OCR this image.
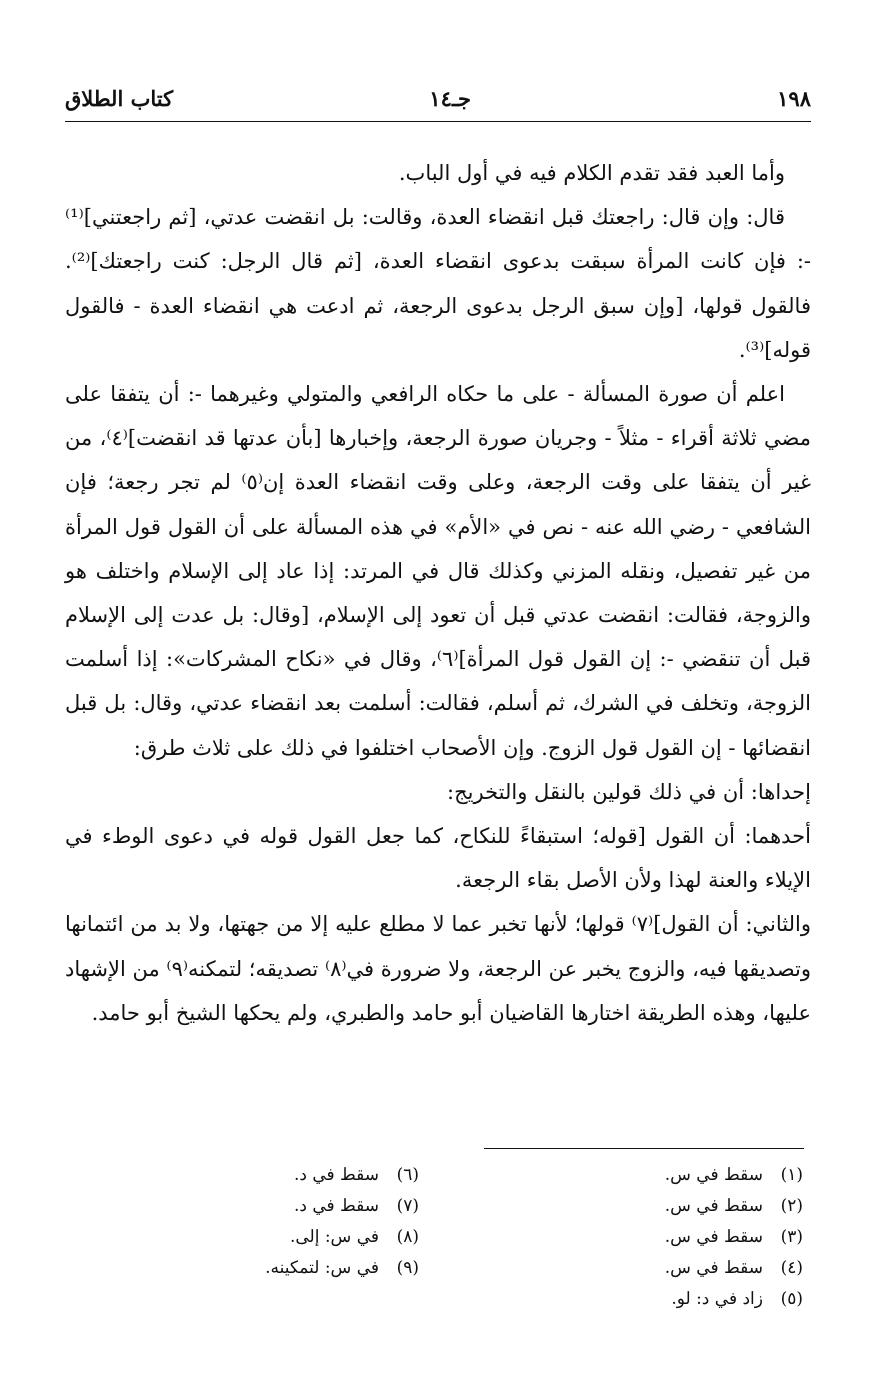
١٩٨
جـ١٤
كتاب الطلاق

وأما العبد فقد تقدم الكلام فيه في أول الباب.

قال: وإن قال: راجعتك قبل انقضاء العدة، وقالت: بل انقضت عدتي، [ثم راجعتني]⁽¹⁾ -: فإن كانت المرأة سبقت بدعوى انقضاء العدة، [ثم قال الرجل: كنت راجعتك]⁽²⁾. فالقول قولها، [وإن سبق الرجل بدعوى الرجعة، ثم ادعت هي انقضاء العدة - فالقول قوله]⁽³⁾.

اعلم أن صورة المسألة - على ما حكاه الرافعي والمتولي وغيرهما -: أن يتفقا على مضي ثلاثة أقراء - مثلاً - وجريان صورة الرجعة، وإخبارها [بأن عدتها قد انقضت]⁽٤⁾، من غير أن يتفقا على وقت الرجعة، وعلى وقت انقضاء العدة إن⁽٥⁾ لم تجر رجعة؛ فإن الشافعي - رضي الله عنه - نص في «الأم» في هذه المسألة على أن القول قول المرأة من غير تفصيل، ونقله المزني وكذلك قال في المرتد: إذا عاد إلى الإسلام واختلف هو والزوجة، فقالت: انقضت عدتي قبل أن تعود إلى الإسلام، [وقال: بل عدت إلى الإسلام قبل أن تنقضي -: إن القول قول المرأة]⁽٦⁾، وقال في «نكاح المشركات»: إذا أسلمت الزوجة، وتخلف في الشرك، ثم أسلم، فقالت: أسلمت بعد انقضاء عدتي، وقال: بل قبل انقضائها - إن القول قول الزوج. وإن الأصحاب اختلفوا في ذلك على ثلاث طرق:

إحداها: أن في ذلك قولين بالنقل والتخريج:

أحدهما: أن القول [قوله؛ استبقاءً للنكاح، كما جعل القول قوله في دعوى الوطء في الإيلاء والعنة لهذا ولأن الأصل بقاء الرجعة.

والثاني: أن القول]⁽٧⁾ قولها؛ لأنها تخبر عما لا مطلع عليه إلا من جهتها، ولا بد من ائتمانها وتصديقها فيه، والزوج يخبر عن الرجعة، ولا ضرورة في⁽٨⁾ تصديقه؛ لتمكنه⁽٩⁾ من الإشهاد عليها، وهذه الطريقة اختارها القاضيان أبو حامد والطبري، ولم يحكها الشيخ أبو حامد.

(١)سقط في س.
(٢)سقط في س.
(٣)سقط في س.
(٤)سقط في س.
(٥)زاد في د: لو.
(٦)سقط في د.
(٧)سقط في د.
(٨)في س: إلى.
(٩)في س: لتمكينه.
